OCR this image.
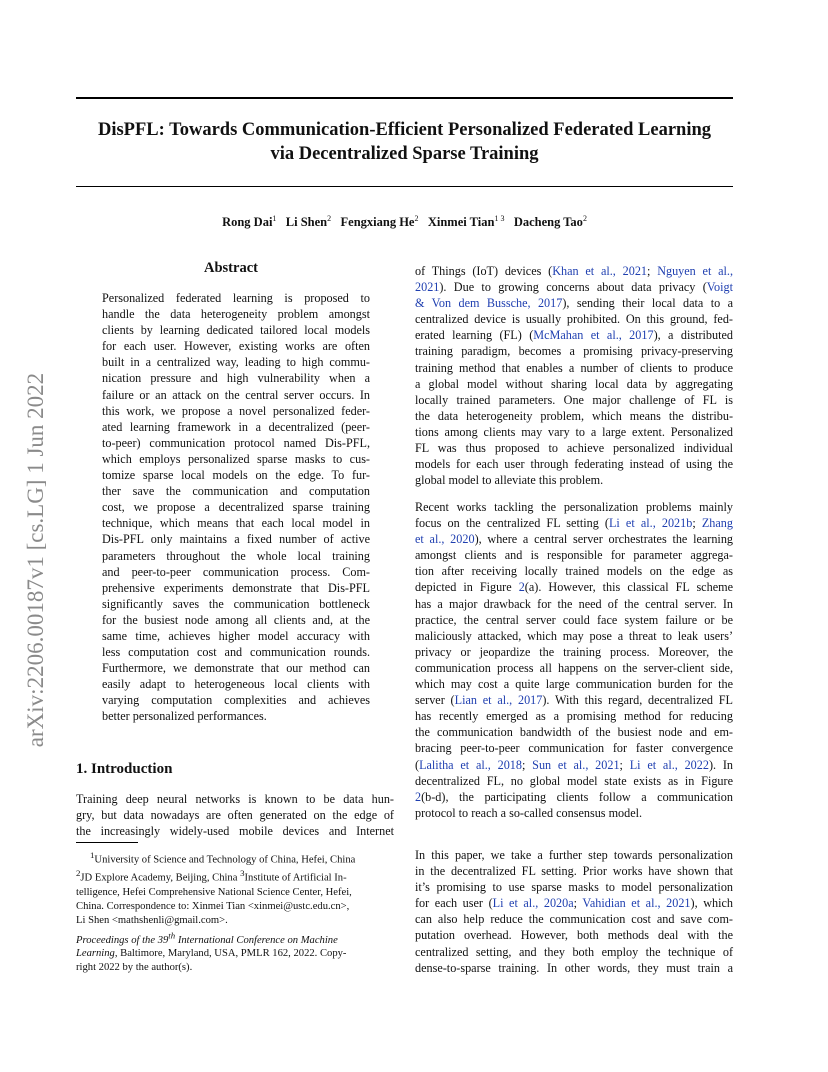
arXiv:2206.00187v1 [cs.LG] 1 Jun 2022
DisPFL: Towards Communication-Efficient Personalized Federated Learning
via Decentralized Sparse Training
Rong Dai$^1$ Li Shen$^2$ Fengxiang He$^2$ Xinmei Tian$^{1 3}$ Dacheng Tao$^2$
Abstract
Personalized federated learning is proposed to
handle the data heterogeneity problem amongst
clients by learning dedicated tailored local models
for each user. However, existing works are often
built in a centralized way, leading to high commu-
nication pressure and high vulnerability when a
failure or an attack on the central server occurs. In
this work, we propose a novel personalized feder-
ated learning framework in a decentralized (peer-
to-peer) communication protocol named Dis-PFL,
which employs personalized sparse masks to cus-
tomize sparse local models on the edge. To fur-
ther save the communication and computation
cost, we propose a decentralized sparse training
technique, which means that each local model in
Dis-PFL only maintains a fixed number of active
parameters throughout the whole local training
and peer-to-peer communication process. Com-
prehensive experiments demonstrate that Dis-PFL
significantly saves the communication bottleneck
for the busiest node among all clients and, at the
same time, achieves higher model accuracy with
less computation cost and communication rounds.
Furthermore, we demonstrate that our method can
easily adapt to heterogeneous local clients with
varying computation complexities and achieves
better personalized performances.
1. Introduction
Training deep neural networks is known to be data hun-
gry, but data nowadays are often generated on the edge of
the increasingly widely-used mobile devices and Internet
$^1$University of Science and Technology of China, Hefei, China
$^2$JD Explore Academy, Beijing, China $^3$Institute of Artificial In-
telligence, Hefei Comprehensive National Science Center, Hefei,
China. Correspondence to: Xinmei Tian <xinmei@ustc.edu.cn>,
Li Shen <mathshenli@gmail.com>.
Proceedings of the 39th International Conference on Machine
Learning, Baltimore, Maryland, USA, PMLR 162, 2022. Copy-
right 2022 by the author(s).
of Things (IoT) devices (Khan et al., 2021; Nguyen et al.,
2021). Due to growing concerns about data privacy (Voigt
& Von dem Bussche, 2017), sending their local data to a
centralized device is usually prohibited. On this ground, fed-
erated learning (FL) (McMahan et al., 2017), a distributed
training paradigm, becomes a promising privacy-preserving
training method that enables a number of clients to produce
a global model without sharing local data by aggregating
locally trained parameters. One major challenge of FL is
the data heterogeneity problem, which means the distribu-
tions among clients may vary to a large extent. Personalized
FL was thus proposed to achieve personalized individual
models for each user through federating instead of using the
global model to alleviate this problem.
Recent works tackling the personalization problems mainly
focus on the centralized FL setting (Li et al., 2021b; Zhang
et al., 2020), where a central server orchestrates the learning
amongst clients and is responsible for parameter aggrega-
tion after receiving locally trained models on the edge as
depicted in Figure 2(a). However, this classical FL scheme
has a major drawback for the need of the central server. In
practice, the central server could face system failure or be
maliciously attacked, which may pose a threat to leak users’
privacy or jeopardize the training process. Moreover, the
communication process all happens on the server-client side,
which may cost a quite large communication burden for the
server (Lian et al., 2017). With this regard, decentralized FL
has recently emerged as a promising method for reducing
the communication bandwidth of the busiest node and em-
bracing peer-to-peer communication for faster convergence
(Lalitha et al., 2018; Sun et al., 2021; Li et al., 2022). In
decentralized FL, no global model state exists as in Figure
2(b-d), the participating clients follow a communication
protocol to reach a so-called consensus model.
In this paper, we take a further step towards personalization
in the decentralized FL setting. Prior works have shown that
it’s promising to use sparse masks to model personalization
for each user (Li et al., 2020a; Vahidian et al., 2021), which
can also help reduce the communication cost and save com-
putation overhead. However, both methods deal with the
centralized setting, and they both employ the technique of
dense-to-sparse training. In other words, they must train a
